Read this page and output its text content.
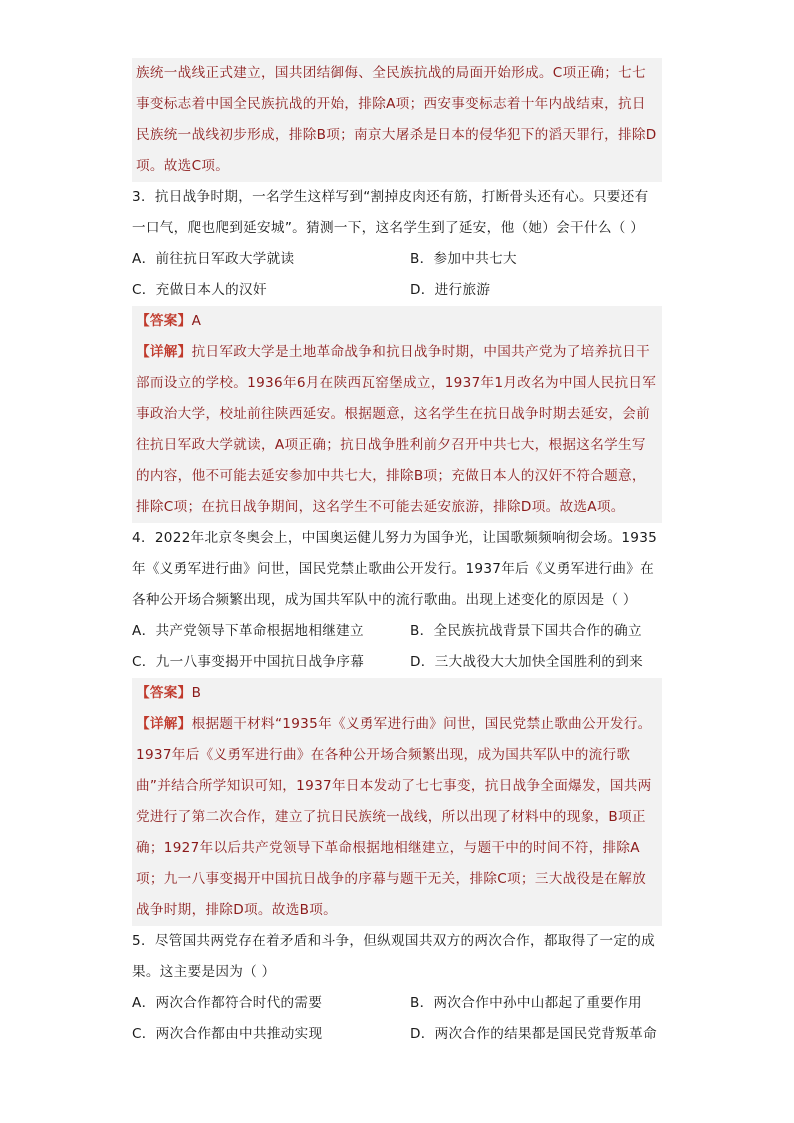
族统一战线正式建立，国共团结御侮、全民族抗战的局面开始形成。C项正确；七七事变标志着中国全民族抗战的开始，排除A项；西安事变标志着十年内战结束，抗日民族统一战线初步形成，排除B项；南京大屠杀是日本的侵华犯下的滔天罪行，排除D项。故选C项。
3．抗日战争时期，一名学生这样写到“割掉皮肉还有筋，打断骨头还有心。只要还有一口气，爬也爬到延安城”。猜测一下，这名学生到了延安，他（她）会干什么（ ）
A．前往抗日军政大学就读	B．参加中共七大
C．充做日本人的汉奸	D．进行旅游
【答案】A
【详解】抗日军政大学是土地革命战争和抗日战争时期，中国共产党为了培养抗日干部而设立的学校。1936年6月在陕西瓦窑堡成立，1937年1月改名为中国人民抗日军事政治大学，校址前往陕西延安。根据题意，这名学生在抗日战争时期去延安，会前往抗日军政大学就读，A项正确；抗日战争胜利前夕召开中共七大，根据这名学生写的内容，他不可能去延安参加中共七大，排除B项；充做日本人的汉奸不符合题意，排除C项；在抗日战争期间，这名学生不可能去延安旅游，排除D项。故选A项。
4．2022年北京冬奥会上，中国奥运健儿努力为国争光，让国歌频频响彻会场。1935年《义勇军进行曲》问世，国民党禁止歌曲公开发行。1937年后《义勇军进行曲》在各种公开场合频繁出现，成为国共军队中的流行歌曲。出现上述变化的原因是（ ）
A．共产党领导下革命根据地相继建立	B．全民族抗战背景下国共合作的确立
C．九一八事变揭开中国抗日战争序幕	D．三大战役大大加快全国胜利的到来
【答案】B
【详解】根据题干材料“1935年《义勇军进行曲》问世，国民党禁止歌曲公开发行。1937年后《义勇军进行曲》在各种公开场合频繁出现，成为国共军队中的流行歌曲”并结合所学知识可知，1937年日本发动了七七事变，抗日战争全面爆发，国共两党进行了第二次合作，建立了抗日民族统一战线，所以出现了材料中的现象，B项正确；1927年以后共产党领导下革命根据地相继建立，与题干中的时间不符，排除A项；九一八事变揭开中国抗日战争的序幕与题干无关，排除C项；三大战役是在解放战争时期，排除D项。故选B项。
5．尽管国共两党存在着矛盾和斗争，但纵观国共双方的两次合作，都取得了一定的成果。这主要是因为（ ）
A．两次合作都符合时代的需要	B．两次合作中孙中山都起了重要作用
C．两次合作都由中共推动实现	D．两次合作的结果都是国民党背叛革命
